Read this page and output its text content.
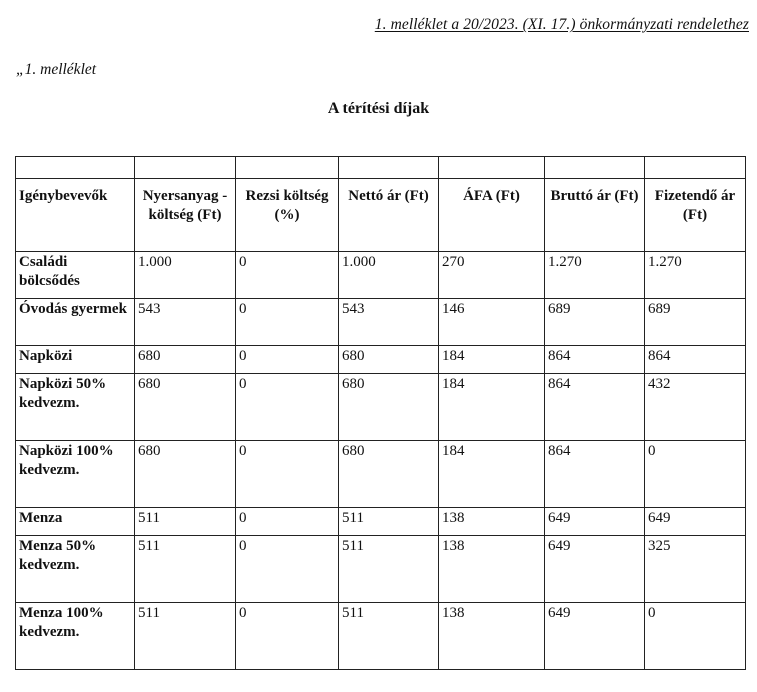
1. melléklet a 20/2023. (XI. 17.) önkormányzati rendelethez
„1. melléklet
A térítési díjak

Igénybevevők	Nyersanyag -költség (Ft)	Rezsi költség (%)	Nettó ár (Ft)	ÁFA (Ft)	Bruttó ár (Ft)	Fizetendő ár (Ft)
Családi bölcsődés	1.000	0	1.000	270	1.270	1.270
Óvodás gyermek	543	0	543	146	689	689
Napközi	680	0	680	184	864	864
Napközi 50% kedvezm.	680	0	680	184	864	432
Napközi 100% kedvezm.	680	0	680	184	864	0
Menza	511	0	511	138	649	649
Menza 50% kedvezm.	511	0	511	138	649	325
Menza 100% kedvezm.	511	0	511	138	649	0
